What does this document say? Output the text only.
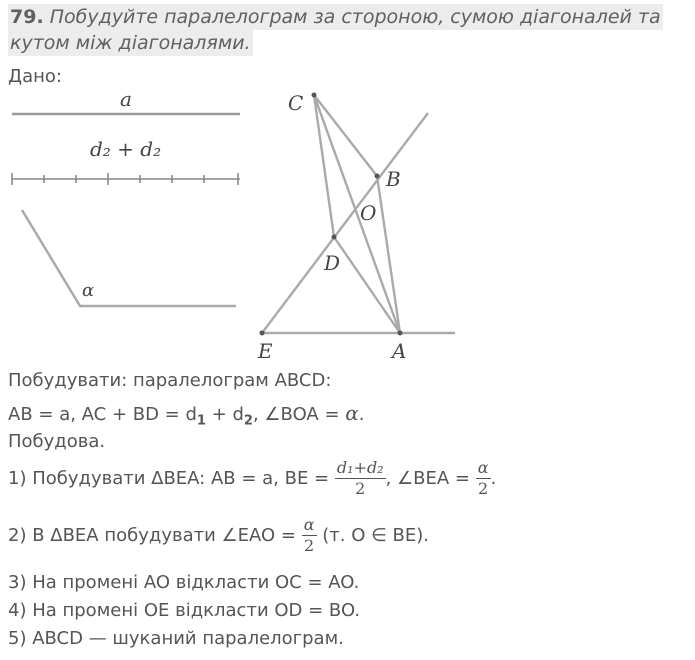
79. Побудуйте паралелограм за стороною, сумою діагоналей та
кутом між діагоналями.
Дано:
a
d₂ + d₂
α
C
B
O
D
E	A
Побудувати: паралелограм ABCD:
AB = a, AC + BD = $d_1 + d_2$, ∠BOA = α.
Побудова.
1) Побудувати ΔBEA: AB = a, BE = $\frac{\text{d₁+d₂}}{2}$ , ∠BEA = $\frac{\alpha}{2}$ .
2) В ΔBEA побудувати ∠EAO = $\frac{\alpha}{2} (т$. O ∈ BE).
3) На промені AO відкласти OC = AO.
4) На промені OE відкласти OD = BO.
5) ABCD — шуканий паралелограм.
